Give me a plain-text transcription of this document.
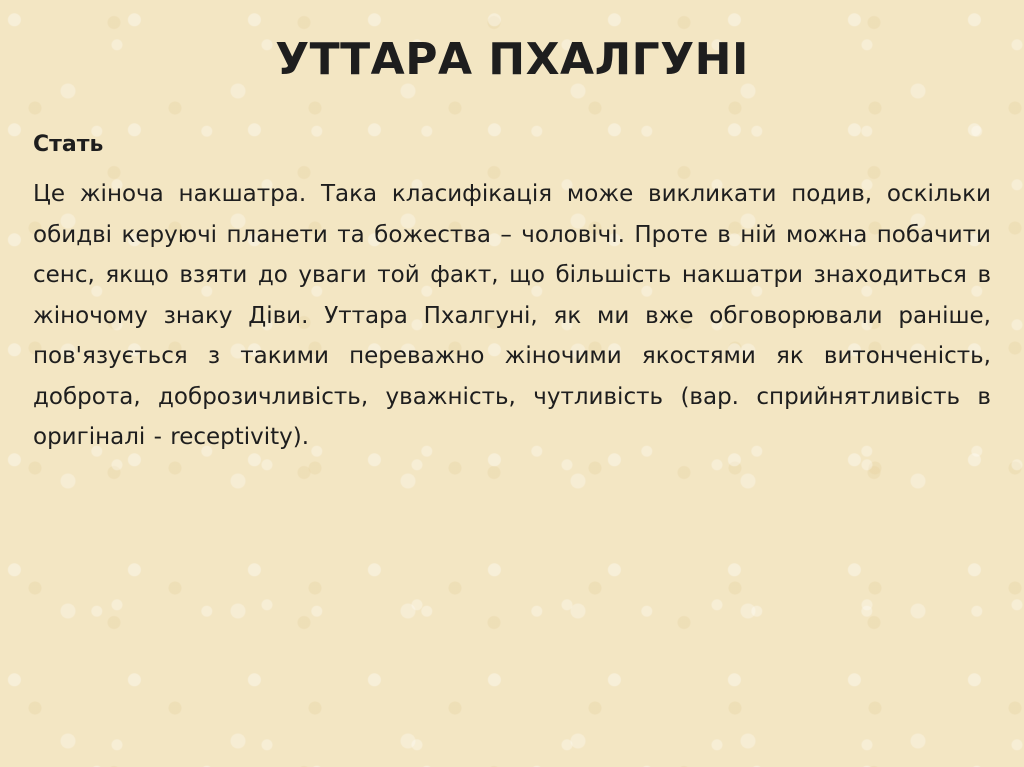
УТТАРА ПХАЛГУНІ
Стать

Це жіноча накшатра. Така класифікація може викликати подив, оскільки обидві керуючі планети та божества – чоловічі. Проте в ній можна побачити сенс, якщо взяти до уваги той факт, що більшість накшатри знаходиться в жіночому знаку Діви. Уттара Пхалгуні, як ми вже обговорювали раніше, пов'язується з такими переважно жіночими якостями як витонченість, доброта, доброзичливість, уважність, чутливість (вар. сприйнятливість в оригіналі - receptivity).
